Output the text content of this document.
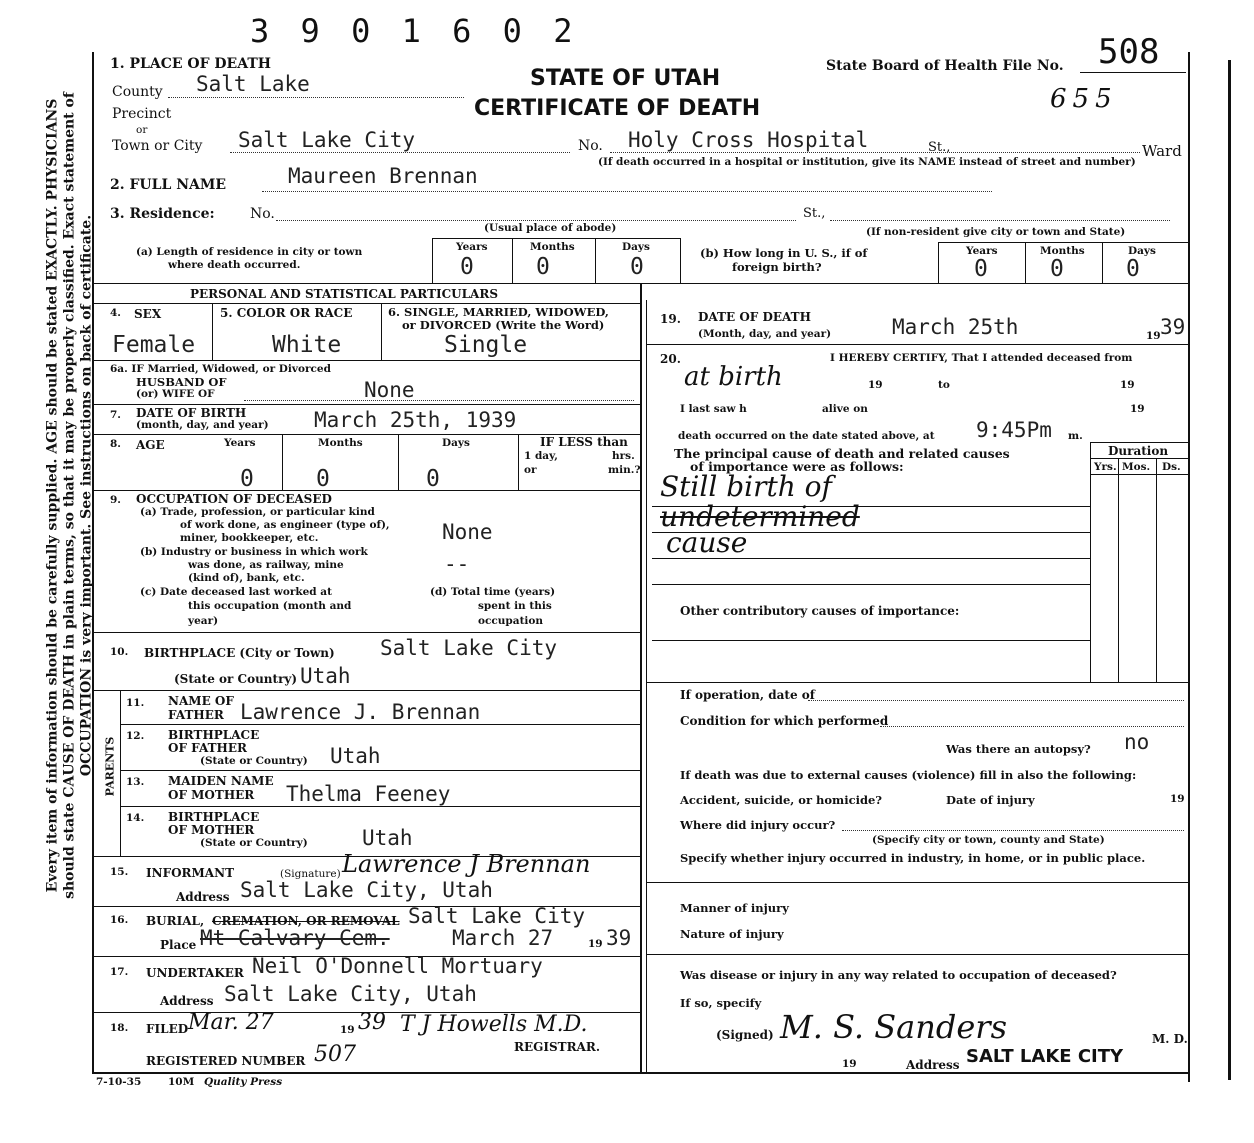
Every item of information should be carefully supplied. AGE should be stated EXACTLY. PHYSICIANS should state CAUSE OF DEATH in plain terms, so that it may be properly classified. Exact statement of OCCUPATION is very important. See instructions on back of certificate.
3 9 0 1 6 0 2
STATE OF UTAH
CERTIFICATE OF DEATH
State Board of Health File No. 508
655
1. PLACE OF DEATH
County Salt Lake
Precinct
or
Town or City Salt Lake City	No. Holy Cross Hospital	St.,	Ward
(If death occurred in a hospital or institution, give its NAME instead of street and number)
2. FULL NAME	Maureen Brennan
3. Residence:	No.	St.,
(Usual place of abode)	(If non-resident give city or town and State)
(a) Length of residence in city or town
where death occurred.
Years	Months	Days
0	0	0
(b) How long in U. S., if of
foreign birth?
Years	Months	Days
0	0	0
PERSONAL AND STATISTICAL PARTICULARS
4. SEX	5. COLOR OR RACE	6. SINGLE, MARRIED, WIDOWED,
or DIVORCED (Write the Word)
Female	White	Single
6a. IF Married, Widowed, or Divorced
HUSBAND OF
(or) WIFE OF	None
7. DATE OF BIRTH
(month, day, and year) March 25th, 1939
8. AGE	Years	Months	Days
0	0	0
IF LESS than
1 day,	hrs.
or	min.?
9. OCCUPATION OF DECEASED
(a) Trade, profession, or particular kind
of work done, as engineer (type of),
miner, bookkeeper, etc.	None
(b) Industry or business in which work
was done, as railway, mine
(kind of), bank, etc.
--
(c) Date deceased last worked at
this occupation (month and
year)
(d) Total time (years)
spent in this
occupation
10. BIRTHPLACE (City or Town) Salt Lake City
(State or Country) Utah
PARENTS
11. NAME OF
FATHER Lawrence J. Brennan
12. BIRTHPLACE
OF FATHER
(State or Country) Utah
13. MAIDEN NAME
OF MOTHER Thelma Feeney
14. BIRTHPLACE
OF MOTHER
(State or Country)	Utah
15. INFORMANT	(Signature) Lawrence J Brennan
Address Salt Lake City, Utah
16. BURIAL, CREMATION, OR REMOVAL Salt Lake City
Place Mt Calvary Cem.	March 27	19 39
17. UNDERTAKER Neil O'Donnell Mortuary
Address Salt Lake City, Utah
18. FILED Mar. 27	19 39 T J Howells M.D.
REGISTRAR.
REGISTERED NUMBER 507
19. DATE OF DEATH
(Month, day, and year)	March 25th	19 39
20.	I HEREBY CERTIFY, That I attended deceased from
at birth	19	to	19
I last saw h	alive on	19
death occurred on the date stated above, at 9:45Pm m.
Duration
Yrs. Mos. Ds.
The principal cause of death and related causes
of importance were as follows:
Still birth of
undetermined
cause
Other contributory causes of importance:
If operation, date of
Condition for which performed
Was there an autopsy? no
If death was due to external causes (violence) fill in also the following:
Accident, suicide, or homicide?	Date of injury	19
Where did injury occur?
(Specify city or town, county and State)
Specify whether injury occurred in industry, in home, or in public place.
Manner of injury
Nature of injury
Was disease or injury in any way related to occupation of deceased?
If so, specify
(Signed) M. S. Sanders	M. D.
19	Address SALT LAKE CITY
7-10-35	10M Quality Press
